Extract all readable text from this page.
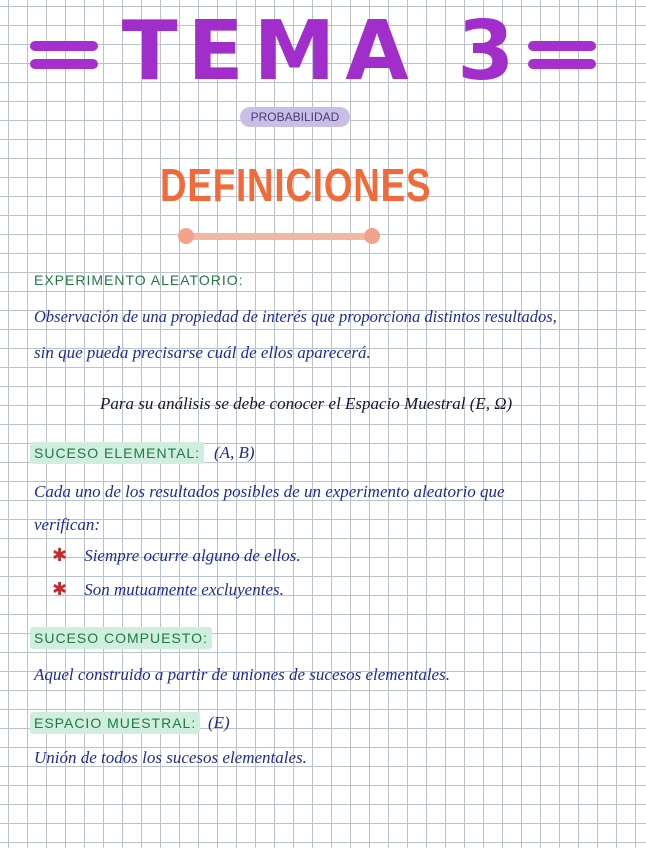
TEMA 3
PROBABILIDAD
DEFINICIONES
EXPERIMENTO ALEATORIO:
Observación de una propiedad de interés que proporciona distintos resultados,
sin que pueda precisarse cuál de ellos aparecerá.
Para su análisis se debe conocer el Espacio Muestral (E, Ω)
SUCESO ELEMENTAL: (A, B)
Cada uno de los resultados posibles de un experimento aleatorio que
verifican:
✱ Siempre ocurre alguno de ellos.
✱ Son mutuamente excluyentes.
SUCESO COMPUESTO:
Aquel construido a partir de uniones de sucesos elementales.
ESPACIO MUESTRAL: (E)
Unión de todos los sucesos elementales.
